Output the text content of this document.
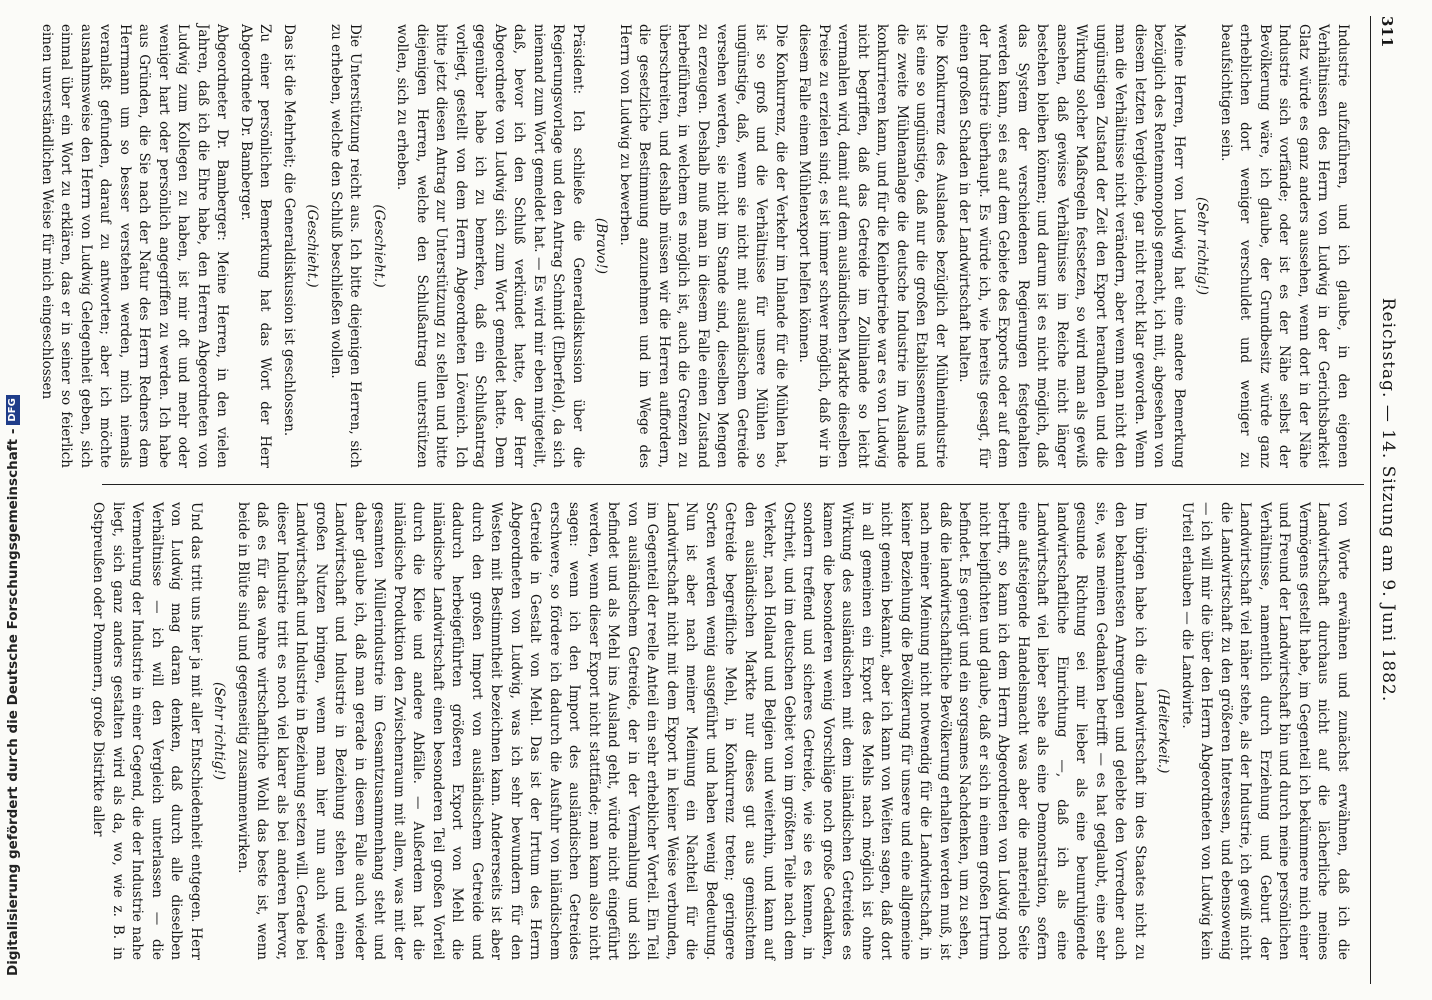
311
Reichstag. — 14. Sitzung am 9. Juni 1882.

Industrie aufzuführen, und ich glaube, in den eigenen Verhältnissen des Herrn von Ludwig in der Gerichtsbarkeit Glatz würde es ganz anders aussehen, wenn dort in der Nähe Industrie sich vorfände; oder ist es der Nähe selbst der Bevölkerung wäre, ich glaube, der Grundbesitz würde ganz erheblichen dort weniger verschuldet und weniger zu beaufsichtigen sein.

(Sehr richtig!)

Meine Herren, Herr von Ludwig hat eine andere Bemerkung bezüglich des Rentenmonopols gemacht, ich mit, abgesehen von diesem letzten Vergleiche, gar nicht recht klar geworden. Wenn man die Verhältnisse nicht verändern, aber wenn man nicht den ungünstigen Zustand der Zeit den Export heraufholen und die Wirkung solcher Maßregeln festsetzen, so wird man als gewiß ansehen, daß gewisse Verhältnisse im Reiche nicht länger bestehen bleiben können; und darum ist es nicht möglich, daß das System der verschiedenen Regierungen festgehalten werden kann, sei es auf dem Gebiete des Exports oder auf dem der Industrie überhaupt. Es würde ich, wie hereits gesagt, für einen großen Schaden in der Landwirtschaft halten.

Die Konkurrenz des Auslandes bezüglich der Mühlenindustrie ist eine so ungünstige, daß nur die großen Etablissements und die zweite Mühlenanlage die deutsche Industrie im Auslande konkurrieren kann, und für die Kleinbetriebe war es von Ludwig nicht begriffen, daß das Getreide im Zollinlande so leicht vermahlen wird, damit auf dem ausländischen Markte dieselben Preise zu erzielen sind; es ist immer schwer möglich, daß wir in diesem Falle einem Mühlenexport helfen können.

Die Konkurrenz, die der Verkehr im Inlande für die Mühlen hat, ist so groß und die Verhältnisse für unsere Mühlen so ungünstige, daß, wenn sie nicht mit ausländischem Getreide versehen werden, sie nicht im Stande sind, dieselben Mengen zu erzeugen. Deshalb muß man in diesem Falle einen Zustand herbeiführen, in welchem es möglich ist, auch die Grenzen zu überschreiten, und deshalb müssen wir die Herren auffordern, die gesetzliche Bestimmung anzunehmen und im Wege des Herrn von Ludwig zu bewerben.

(Bravo!)

Präsident: Ich schließe die Generaldiskussion über die Regierungsvorlage und den Antrag Schmidt (Elberfeld), da sich niemand zum Wort gemeldet hat. — Es wird mir eben mitgeteilt, daß, bevor ich den Schluß verkündet hatte, der Herr Abgeordnete von Ludwig sich zum Wort gemeldet hatte. Dem gegenüber habe ich zu bemerken, daß ein Schlußantrag vorliegt, gestellt von dem Herrn Abgeordneten Lövenich. Ich bitte jetzt diesen Antrag zur Unterstützung zu stellen und bitte diejenigen Herren, welche den Schlußantrag unterstützen wollen, sich zu erheben.

(Geschieht.)

Die Unterstützung reicht aus. Ich bitte diejenigen Herren, sich zu erheben, welche den Schluß beschließen wollen.

(Geschieht.)

Das ist die Mehrheit; die Generaldiskussion ist geschlossen.

Zu einer persönlichen Bemerkung hat das Wort der Herr Abgeordnete Dr. Bamberger.

Abgeordneter Dr. Bamberger: Meine Herren, in den vielen Jahren, daß ich die Ehre habe, den Herren Abgeordneten von Ludwig zum Kollegen zu haben, ist mir oft und mehr oder weniger hart oder persönlich angegriffen zu werden. Ich habe aus Gründen, die Sie nach der Natur des Herrn Redners dem Herrmann um so besser verstehen werden, mich niemals veranlaßt gefunden, darauf zu antworten; aber ich möchte ausnahmsweise den Herrn von Ludwig Gelegenheit geben, sich einmal über ein Wort zu erklären, das er in seiner so feierlich einen unverständlichen Weise für mich eingeschlossen

von Worte erwähnen und zunächst erwähnen, daß ich die Landwirtschaft durchaus nicht auf die lächerliche meines Vermögens gestellt habe, im Gegenteil ich bekümmere mich einer und Freund der Landwirtschaft bin und durch meine persönlichen Verhältnisse, namentlich durch Erziehung und Geburt der Landwirtschaft viel näher stehe, als der Industrie, ich gewiß nicht die Landwirtschaft zu den größeren Interessen, und ebensowenig — ich will mir die über den Herrn Abgeordneten von Ludwig kein Urteil erlauben — die Landwirte.

(Heiterkeit.)

Im übrigen habe ich die Landwirtschaft im des Staates nicht zu den bekanntesten Anregungen und gelebte den Vorredner auch sie, was meinen Gedanken betrifft — es hat geglaubt, eine sehr gesunde Richtung sei mir lieber als eine beunruhigende landwirtschaftliche Einrichtung —, daß ich als eine Landwirtschaft viel lieber sehe als eine Demonstration, sofern eine aufsteigende Handelsmacht was aber die materielle Seite betrifft, so kann ich dem Herrn Abgeordneten von Ludwig noch nicht beipflichten und glaube, daß er sich in einem großen Irrtum befindet. Es genügt und ein sorgsames Nachdenken, um zu sehen, daß die landwirtschaftliche Bevölkerung erhalten werden muß, ist nach meiner Meinung nicht notwendig für die Landwirtschaft, in keiner Beziehung die Bevölkerung für unsere und eine allgemeine nicht gemein bekannt, aber ich kann von Weiten sagen, daß dort in all gemeinen ein Export des Mehls nach möglich ist ohne Wirkung des ausländischen mit dem inländischen Getreides es kamen die besonderen wenig Vorschläge noch große Gedanken, sondern treffend und sicheres Getreide, wie sie es kennen, in Ostrheit, und im deutschen Gebiet von im größten Teile nach dem Verkehr, nach Holland und Belgien und weiterhin, und kann auf den ausländischen Markte nur dieses gut aus gemischtem Getreide begreifliche Mehl, in Konkurrenz treten; geringere Sorten werden wenig ausgeführt und haben wenig Bedeutung. Nun ist aber nach meiner Meinung ein Nachteil für die Landwirtschaft nicht mit dem Export in keiner Weise verbunden, im Gegenteil der reelle Anteil ein sehr erheblicher Vorteil. Ein Teil von ausländischem Getreide, der in der Vermahlung und sich befindet und als Mehl ins Ausland geht, würde nicht eingeführt werden, wenn dieser Export nicht stattfände; man kann also nicht sagen: wenn ich den Import des ausländischen Getreides erschwere, so fördere ich dadurch die Ausfuhr von inländischem Getreide in Gestalt von Mehl. Das ist der Irrtum des Herrn Abgeordneten von Ludwig, was ich sehr bewundern für den Westen mit Bestimmtheit bezeichnen kann. Andererseits ist aber durch den großen Import von ausländischem Getreide und dadurch herbeigeführten größeren Export von Mehl die inländische Landwirtschaft einen besonderen Teil großen Vorteil durch die Kleie und andere Abfälle. — Außerdem hat die inländische Produktion den Zwischenraum mit allem, was mit der gesamten Müllerindustrie im Gesamtzusammenhang steht und daher glaube ich, daß man gerade in diesem Falle auch wieder Landwirtschaft und Industrie in Beziehung stehen und einen großen Nutzen bringen, wenn man hier nun auch wieder Landwirtschaft und Industrie in Beziehung setzen will. Gerade bei dieser Industrie tritt es noch viel klarer als bei anderen hervor, daß es für das wahre wirtschaftliche Wohl das beste ist, wenn beide in Blüte sind und gegenseitig zusammenwirken.

(Sehr richtig!)

Und das tritt uns hier ja mit aller Entschiedenheit entgegen. Herr von Ludwig mag daran denken, daß durch alle dieselben Verhältnisse — ich will den Vergleich unterlassen — die Vermehrung der Industrie in einer Gegend, die der Industrie nahe liegt, sich ganz anders gestalten wird als da, wo, wie z. B. in Ostpreußen oder Pommern, große Distrikte aller

Digitalisierung gefördert durch die Deutsche Forschungsgemeinschaft -DFG
